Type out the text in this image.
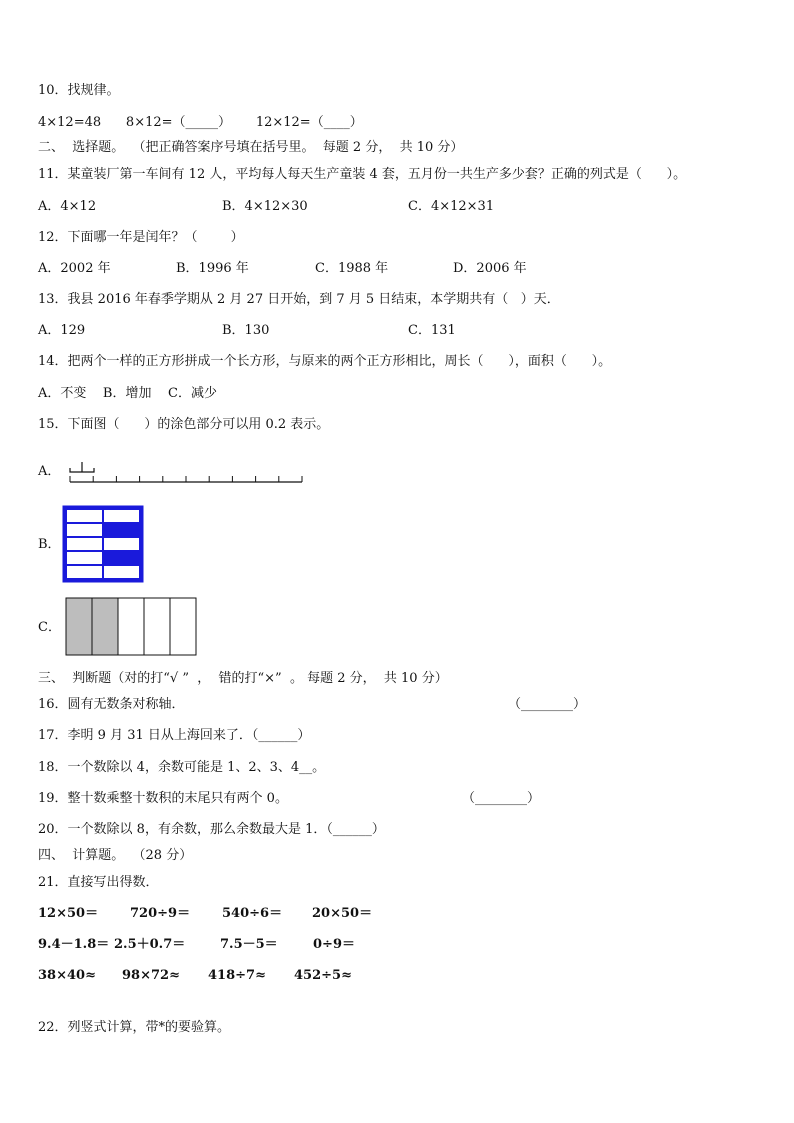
10．找规律。
4×12=48      8×12=（_____）      12×12=（____）
二、  选择题。  （把正确答案序号填在括号里。  每题 2 分，  共 10 分）
11．某童装厂第一车间有 12 人，平均每人每天生产童装 4 套，五月份一共生产多少套？正确的列式是（      ）。
A．4×12	B．4×12×30	C．4×12×31
12．下面哪一年是闰年？（        ）
A．2002 年	B．1996 年	C．1988 年	D．2006 年
13．我县 2016 年春季学期从 2 月 27 日开始，到 7 月 5 日结束，本学期共有（   ）天．
A．129	B．130	C．131
14．把两个一样的正方形拼成一个长方形，与原来的两个正方形相比，周长（      ），面积（      ）。
A．不变    B．增加    C．减少
15．下面图（      ）的涂色部分可以用 0.2 表示。
A．
B．
C．
三、  判断题（对的打“√ ”  ，  错的打“×”  。 每题 2 分，  共 10 分）
16．圆有无数条对称轴．	（________）
17．李明 9 月 31 日从上海回来了．（______）
18．一个数除以 4，余数可能是 1、2、3、4__。
19．整十数乘整十数积的末尾只有两个 0。	（________）
20．一个数除以 8，有余数，那么余数最大是 1．（______）
四、  计算题。  （28 分）
21．直接写出得数．
12×50＝ 720÷9＝ 540÷6＝ 20×50＝
9.4－1.8＝ 2.5＋0.7＝	7.5－5＝	0÷9＝
38×40≈ 98×72≈ 418÷7≈ 452÷5≈
22．列竖式计算，带*的要验算。
